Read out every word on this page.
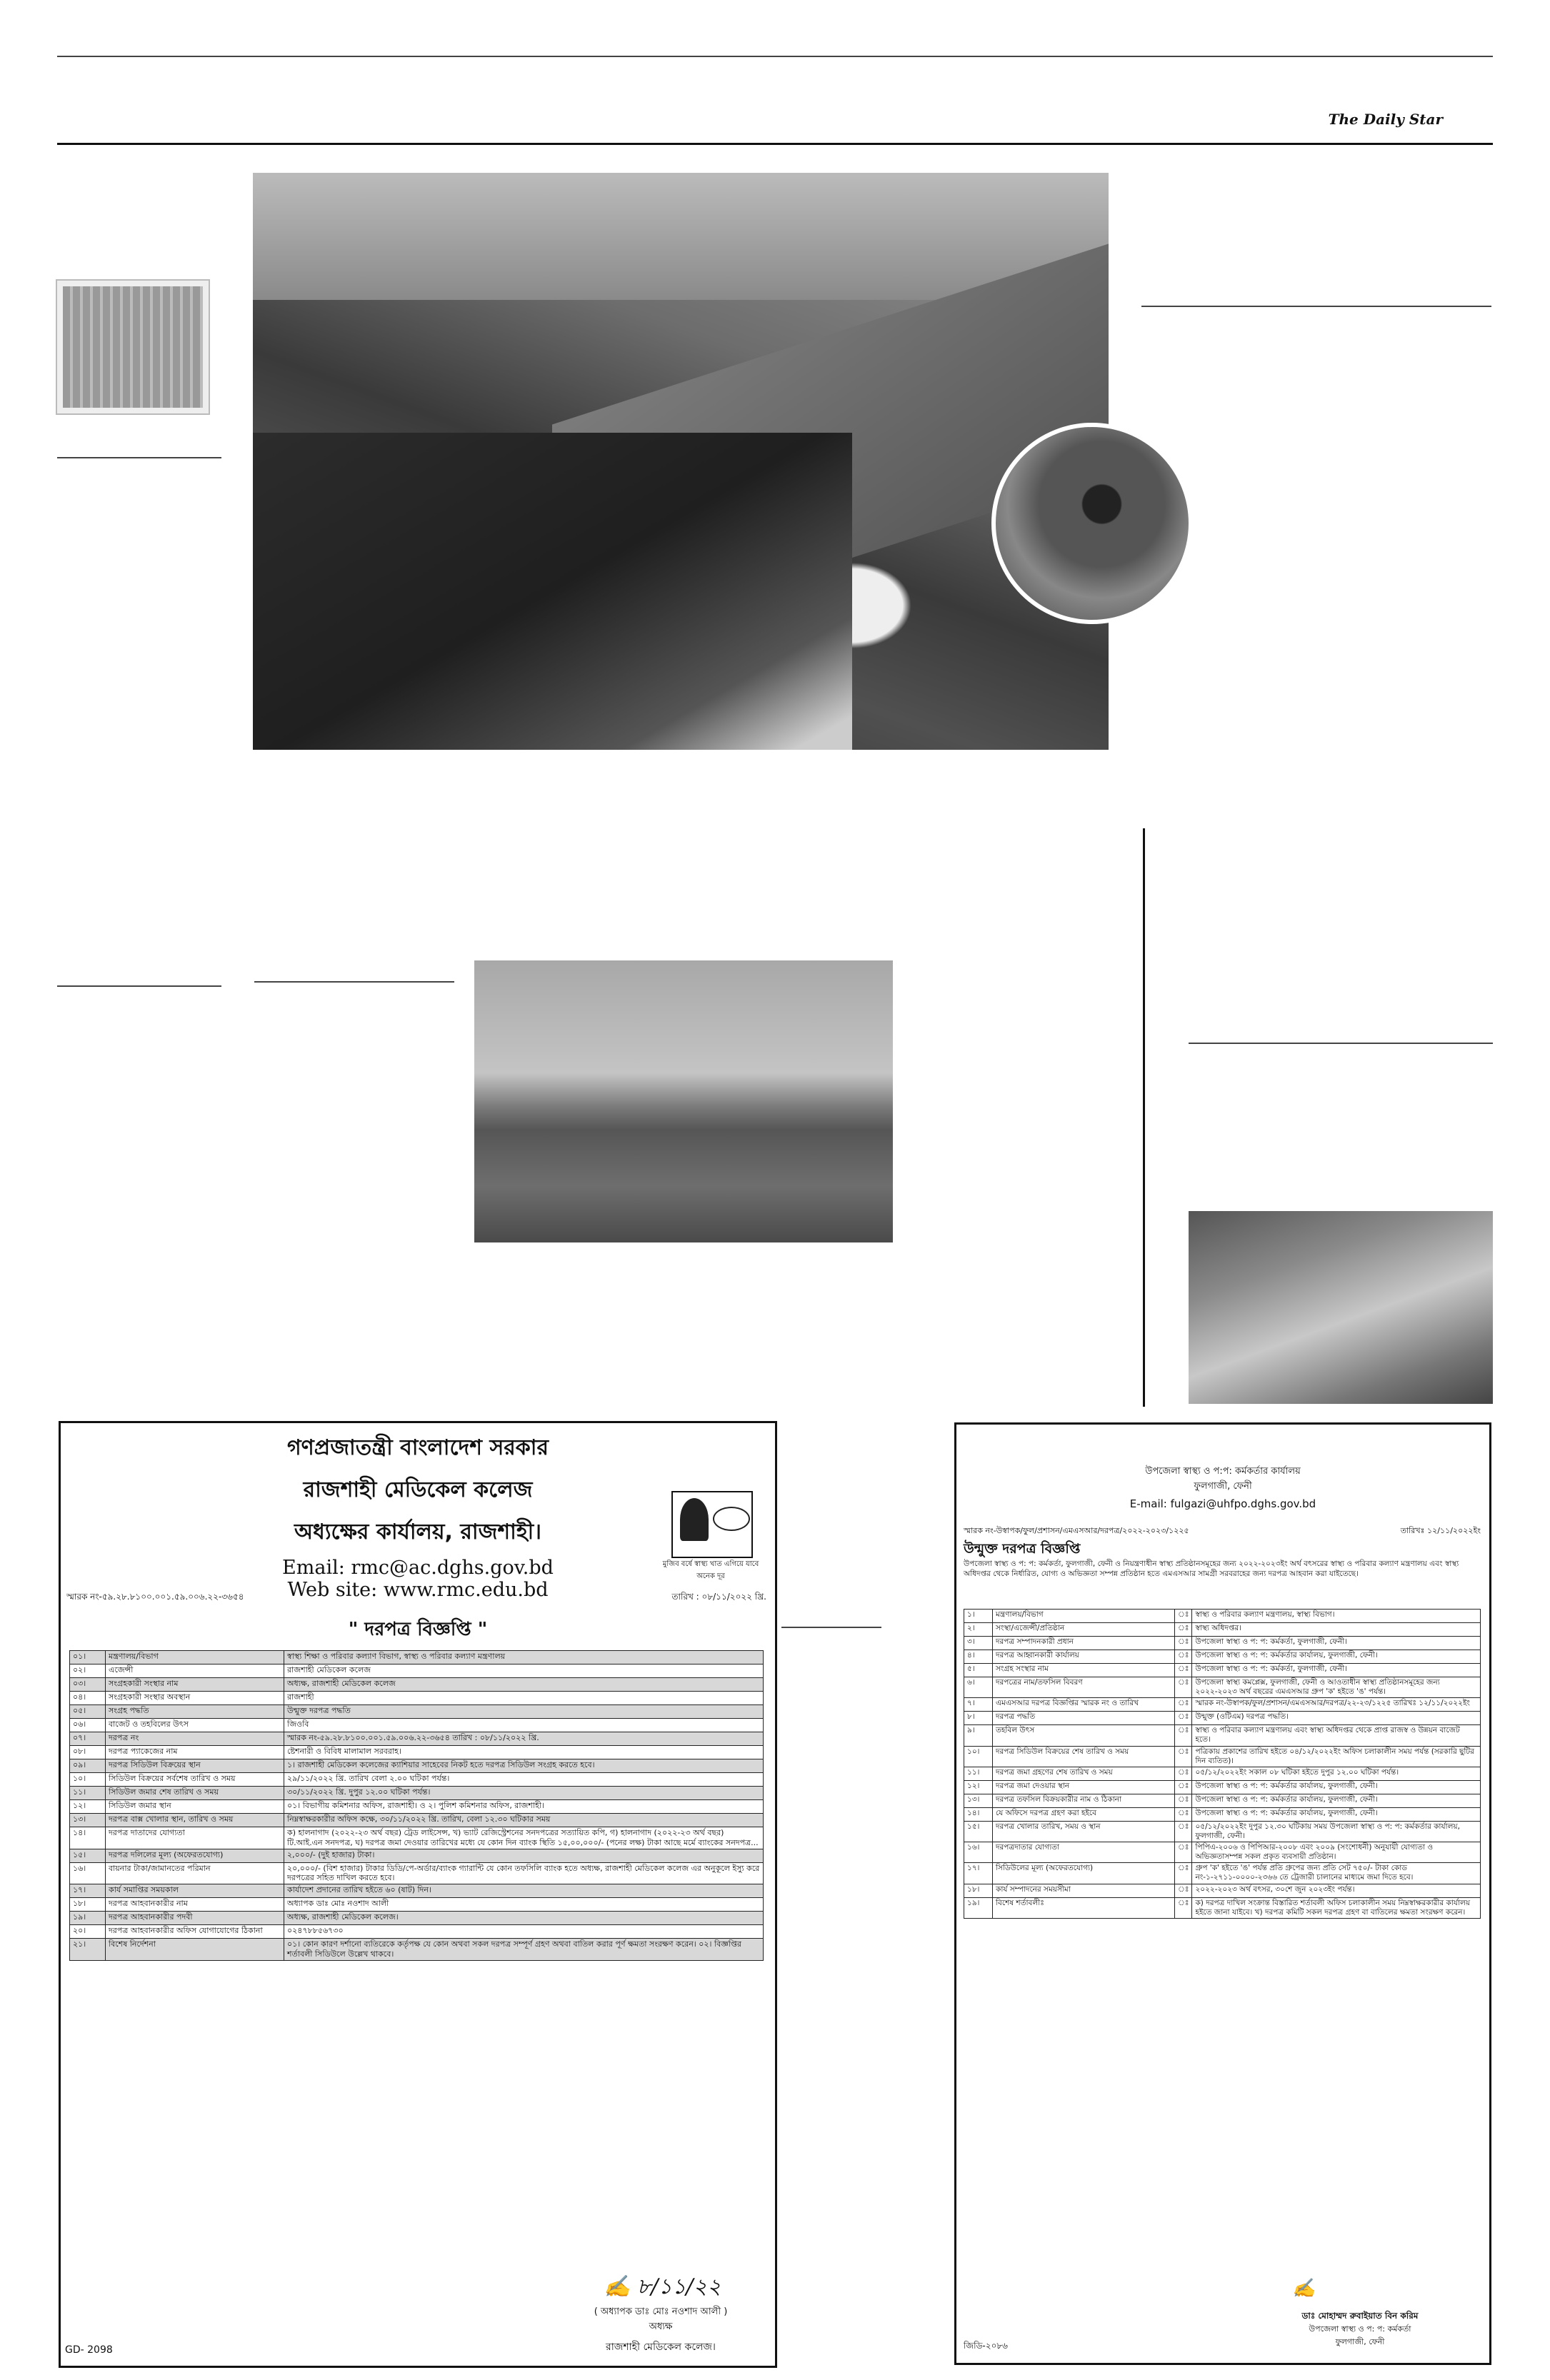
The Daily Star
গণপ্রজাতন্ত্রী বাংলাদেশ সরকার
রাজশাহী মেডিকেল কলেজ
অধ্যক্ষের কার্যালয়, রাজশাহী।
Email: rmc@ac.dghs.gov.bd
Web site: www.rmc.edu.bd
মুজিব বর্ষে স্বাস্থ্য খাত এগিয়ে যাবে অনেক দূর
স্মারক নং-৫৯.২৮.৮১০০.০০১.৫৯.০০৬.২২-৩৬৫৪	তারিখ : ০৮/১১/২০২২ খ্রি.
" দরপত্র বিজ্ঞপ্তি "
০১।	মন্ত্রণালয়/বিভাগ	স্বাস্থ্য শিক্ষা ও পরিবার কল্যাণ বিভাগ, স্বাস্থ্য ও পরিবার কল্যাণ মন্ত্রণালয়
০২।	এজেন্সী	রাজশাহী মেডিকেল কলেজ
০৩।	সংগ্রহকারী সংস্থার নাম	অধ্যক্ষ, রাজশাহী মেডিকেল কলেজ
০৪।	সংগ্রহকারী সংস্থার অবস্থান	রাজশাহী
০৫।	সংগ্রহ পদ্ধতি	উন্মুক্ত দরপত্র পদ্ধতি
০৬।	বাজেট ও তহবিলের উৎস	জিওবি
০৭।	দরপত্র নং	স্মারক নং-৫৯.২৮.৮১০০.০০১.৫৯.০০৬.২২-৩৬৫৪ তারিখ : ০৮/১১/২০২২ খ্রি.
০৮।	দরপত্র প্যাকেজের নাম	ষ্টেশনারী ও বিবিধ মালামাল সরবরাহ।
০৯।	দরপত্র সিডিউল বিক্রয়ের স্থান	১। রাজশাহী মেডিকেল কলেজের ক্যাশিয়ার সাহেবের নিকট হতে দরপত্র সিডিউল সংগ্রহ করতে হবে।
১০।	সিডিউল বিক্রয়ের সর্বশেষ তারিখ ও সময়	২৯/১১/২০২২ খ্রি. তারিখ বেলা ২.০০ ঘটিকা পর্যন্ত।
১১।	সিডিউল জমার শেষ তারিখ ও সময়	৩০/১১/২০২২ খ্রি. দুপুর ১২.০০ ঘটিকা পর্যন্ত।
১২।	সিডিউল জমার স্থান	০১। বিভাগীয় কমিশনার অফিস, রাজশাহী। ও ২। পুলিশ কমিশনার অফিস, রাজশাহী।
১৩।	দরপত্র বাক্স খোলার স্থান, তারিখ ও সময়	নিম্নস্বাক্ষরকারীর অফিস কক্ষে, ৩০/১১/২০২২ খ্রি. তারিখ, বেলা ১২.৩০ ঘটিকার সময়
১৪।	দরপত্র দাতাদের যোগ্যতা	ক) হালনাগাদ (২০২২-২৩ অর্থ বছর) ট্রেড লাইসেন্স, খ) ভ্যাট রেজিস্ট্রেশনের সনদপত্রের সত্যায়িত কপি, গ) হালনাগাদ (২০২২-২৩ অর্থ বছর) টি.আই.এন সনদপত্র, ঘ) দরপত্র জমা দেওয়ার তারিখের মধ্যে যে কোন দিন ব্যাংক স্থিতি ১৫,০০,০০০/- (পনের লক্ষ) টাকা আছে মর্মে ব্যাংকের সনদপত্র...
১৫।	দরপত্র দলিলের মূল্য (অফেরতযোগ্য)	২,০০০/- (দুই হাজার) টাকা।
১৬।	বায়নার টাকা/জামানতের পরিমান	২০,০০০/- (বিশ হাজার) টাকার ডিডি/পে-অর্ডার/ব্যাংক গ্যারান্টি যে কোন তফসিলি ব্যাংক হতে অধ্যক্ষ, রাজশাহী মেডিকেল কলেজ এর অনুকূলে ইস্যু করে দরপত্রের সহিত দাখিল করতে হবে।
১৭।	কার্য সমাপ্তির সময়কাল	কার্যাদেশ প্রদানের তারিখ হইতে ৬০ (ষাট) দিন।
১৮।	দরপত্র আহবানকারীর নাম	অধ্যাপক ডাঃ মোঃ নওশাদ আলী
১৯।	দরপত্র আহবানকারীর পদবী	অধ্যক্ষ, রাজশাহী মেডিকেল কলেজ।
২০।	দরপত্র আহবানকারীর অফিস যোগাযোগের ঠিকানা	০২৪৭৮৮৫৬৭৩০
২১।	বিশেষ নির্দেশনা	০১। কোন কারণ দর্শানো ব্যতিরেকে কর্তৃপক্ষ যে কোন অথবা সকল দরপত্র সম্পূর্ণ গ্রহণ অথবা বাতিল করার পূর্ণ ক্ষমতা সংরক্ষণ করেন। ০২। বিজ্ঞপ্তির শর্তাবলী সিডিউলে উল্লেখ থাকবে।
✍ ৮/১১/২২
( অধ্যাপক ডাঃ মোঃ নওশাদ আলী )
অধ্যক্ষ
রাজশাহী মেডিকেল কলেজ।
GD- 2098
উপজেলা স্বাস্থ্য ও প:প: কর্মকর্তার কার্যালয়
ফুলগাজী, ফেনী
E-mail: fulgazi@uhfpo.dghs.gov.bd
স্মারক নং-উস্বাপক/ফুল/প্রশাসন/এমএসআর/দরপত্র/২০২২-২০২৩/১২২৫	তারিখঃ ১২/১১/২০২২ইং
উন্মুক্ত দরপত্র বিজ্ঞপ্তি
উপজেলা স্বাস্থ্য ও প: প: কর্মকর্তা, ফুলগাজী, ফেনী ও নিয়ন্ত্রণাধীন স্বাস্থ্য প্রতিষ্ঠানসমূহের জন্য ২০২২-২০২৩ইং অর্থ বৎসরের স্বাস্থ্য ও পরিবার কল্যাণ মন্ত্রণালয় এবং স্বাস্থ্য অধিদপ্তর থেকে নির্ধারিত, যোগ্য ও অভিজ্ঞতা সম্পন্ন প্রতিষ্ঠান হতে এমএসআর সামগ্রী সরবরাহের জন্য দরপত্র আহবান করা যাইতেছে।
১।	মন্ত্রণালয়/বিভাগ	ঃ	স্বাস্থ্য ও পরিবার কল্যাণ মন্ত্রণালয়, স্বাস্থ্য বিভাগ।
২।	সংস্থা/এজেন্সী/প্রতিষ্ঠান	ঃ	স্বাস্থ্য অধিদপ্তর।
৩।	দরপত্র সম্পাদনকারী প্রধান	ঃ	উপজেলা স্বাস্থ্য ও প: প: কর্মকর্তা, ফুলগাজী, ফেনী।
৪।	দরপত্র আহ্বানকারী কার্যালয়	ঃ	উপজেলা স্বাস্থ্য ও প: প: কর্মকর্তার কার্যালয়, ফুলগাজী, ফেনী।
৫।	সংগ্রহ সংস্থার নাম	ঃ	উপজেলা স্বাস্থ্য ও প: প: কর্মকর্তা, ফুলগাজী, ফেনী।
৬।	দরপত্রের নাম/তফসিল বিবরণ	ঃ	উপজেলা স্বাস্থ্য কমপ্লেক্স, ফুলগাজী, ফেনী ও আওতাধীন স্বাস্থ্য প্রতিষ্ঠানসমূহের জন্য ২০২২-২০২৩ অর্থ বছরের এমএসআর গ্রুপ 'ক' হইতে 'ঙ' পর্যন্ত।
৭।	এমএসআর দরপত্র বিজ্ঞপ্তির স্মারক নং ও তারিখ	ঃ	স্মারক নং-উস্বাপক/ফুল/প্রশাসন/এমএসআর/দরপত্র/২২-২৩/১২২৫ তারিখঃ ১২/১১/২০২২ইং
৮।	দরপত্র পদ্ধতি	ঃ	উন্মুক্ত (ওটিএম) দরপত্র পদ্ধতি।
৯।	তহবিল উৎস	ঃ	স্বাস্থ্য ও পরিবার কল্যাণ মন্ত্রণালয় এবং স্বাস্থ্য অধিদপ্তর থেকে প্রাপ্ত রাজস্ব ও উন্নয়ন বাজেট হতে।
১০।	দরপত্র সিডিউল বিক্রয়ের শেষ তারিখ ও সময়	ঃ	পত্রিকায় প্রকাশের তারিখ হইতে ০৪/১২/২০২২ইং অফিস চলাকালীন সময় পর্যন্ত (সরকারি ছুটির দিন ব্যতিত)।
১১।	দরপত্র জমা গ্রহণের শেষ তারিখ ও সময়	ঃ	০৫/১২/২০২২ইং সকাল ০৮ ঘটিকা হইতে দুপুর ১২.০০ ঘটিকা পর্যন্ত।
১২।	দরপত্র জমা দেওয়ার স্থান	ঃ	উপজেলা স্বাস্থ্য ও প: প: কর্মকর্তার কার্যালয়, ফুলগাজী, ফেনী।
১৩।	দরপত্র তফসিল বিক্রয়কারীর নাম ও ঠিকানা	ঃ	উপজেলা স্বাস্থ্য ও প: প: কর্মকর্তার কার্যালয়, ফুলগাজী, ফেনী।
১৪।	যে অফিসে দরপত্র গ্রহণ করা হইবে	ঃ	উপজেলা স্বাস্থ্য ও প: প: কর্মকর্তার কার্যালয়, ফুলগাজী, ফেনী।
১৫।	দরপত্র খোলার তারিখ, সময় ও স্থান	ঃ	০৫/১২/২০২২ইং দুপুর ১২.৩০ ঘটিকায় সময় উপজেলা স্বাস্থ্য ও প: প: কর্মকর্তার কার্যালয়, ফুলগাজী, ফেনী।
১৬।	দরপত্রদাতার যোগ্যতা	ঃ	পিপিএ-২০০৬ ও পিপিআর-২০০৮ এবং ২০০৯ (সংশোধনী) অনুযায়ী যোগ্যতা ও অভিজ্ঞতাসম্পন্ন সকল প্রকৃত ব্যবসায়ী প্রতিষ্ঠান।
১৭।	সিডিউলের মূল্য (অফেরতযোগ্য)	ঃ	গ্রুপ 'ক' হইতে 'ঙ' পর্যন্ত প্রতি গ্রুপের জন্য প্রতি সেট ৭৫০/- টাকা কোড নং-১-২৭১১-০০০০-২৩৬৬ তে ট্রেজারী চালানের মাধ্যমে জমা দিতে হবে।
১৮।	কার্য সম্পাদনের সময়সীমা	ঃ	২০২২-২০২৩ অর্থ বৎসর, ৩০শে জুন ২০২৩ইং পর্যন্ত।
১৯।	বিশেষ শর্তাবলীঃ	ঃ	ক) দরপত্র দাখিল সংক্রান্ত বিস্তারিত শর্তাবলী অফিস চলাকালীন সময় নিম্নস্বাক্ষরকারীর কার্যালয় হইতে জানা যাইবে। খ) দরপত্র কমিটি সকল দরপত্র গ্রহণ বা বাতিলের ক্ষমতা সংরক্ষণ করেন।
✍
ডাঃ মোহাম্মদ রুবাইয়াত বিন করিম
উপজেলা স্বাস্থ্য ও প: প: কর্মকর্তা
ফুলগাজী, ফেনী
জিডি-২০৮৬
